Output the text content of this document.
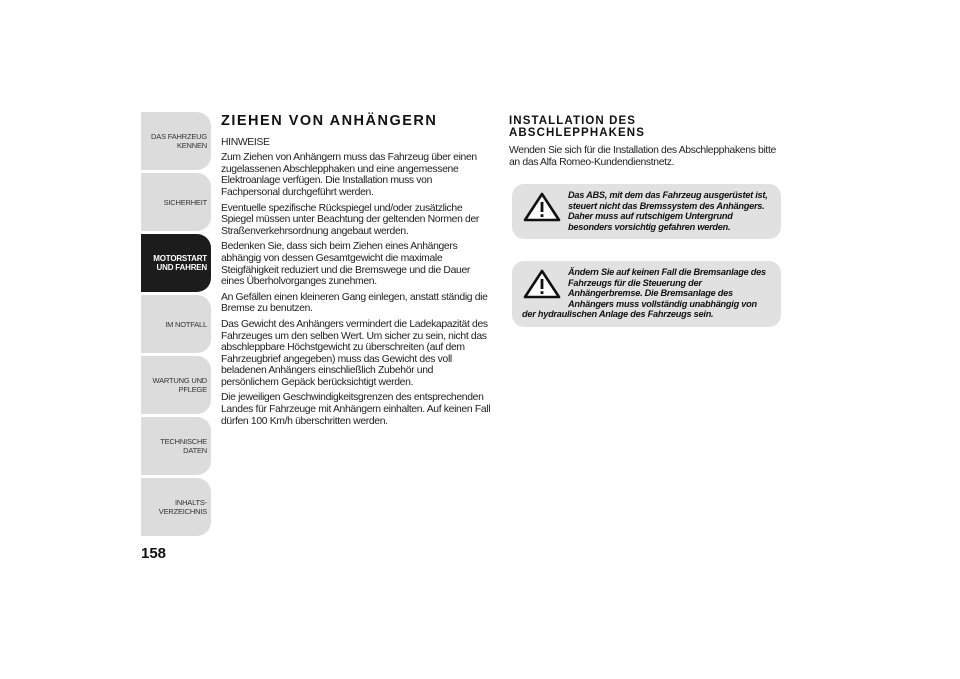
DAS FAHRZEUG
KENNEN
SICHERHEIT
MOTORSTART
UND FAHREN
IM NOTFALL
WARTUNG UND
PFLEGE
TECHNISCHE DATEN
INHALTS-
VERZEICHNIS
158
ZIEHEN VON ANHÄNGERN

HINWEISE

Zum Ziehen von Anhängern muss das Fahrzeug über einen zugelassenen Abschlepphaken und eine angemessene Elektroanlage verfügen. Die Installation muss von Fachpersonal durchgeführt werden.

Eventuelle spezifische Rückspiegel und/oder zusätzliche Spiegel müssen unter Beachtung der geltenden Normen der Straßenverkehrsordnung angebaut werden.

Bedenken Sie, dass sich beim Ziehen eines Anhängers abhängig von dessen Gesamtgewicht die maximale Steigfähigkeit reduziert und die Bremswege und die Dauer eines Überholvorganges zunehmen.

An Gefällen einen kleineren Gang einlegen, anstatt ständig die Bremse zu benutzen.

Das Gewicht des Anhängers vermindert die Ladekapazität des Fahrzeuges um den selben Wert. Um sicher zu sein, nicht das abschleppbare Höchstgewicht zu überschreiten (auf dem Fahrzeugbrief angegeben) muss das Gewicht des voll beladenen Anhängers einschließlich Zubehör und persönlichem Gepäck berücksichtigt werden.

Die jeweiligen Geschwindigkeitsgrenzen des entsprechenden Landes für Fahrzeuge mit Anhängern einhalten. Auf keinen Fall dürfen 100 Km/h überschritten werden.

INSTALLATION DES
ABSCHLEPPHAKENS

Wenden Sie sich für die Installation des Abschlepphakens bitte an das Alfa Romeo-Kundendienstnetz.

Das ABS, mit dem das Fahrzeug ausgerüstet ist, steuert nicht das Bremssystem des Anhängers. Daher muss auf rutschigem Untergrund besonders vorsichtig gefahren werden.
Ändern Sie auf keinen Fall die Bremsanlage des Fahrzeugs für die Steuerung der Anhängerbremse. Die Bremsanlage des Anhängers muss vollständig unabhängig von der hydraulischen Anlage des Fahrzeugs sein.
